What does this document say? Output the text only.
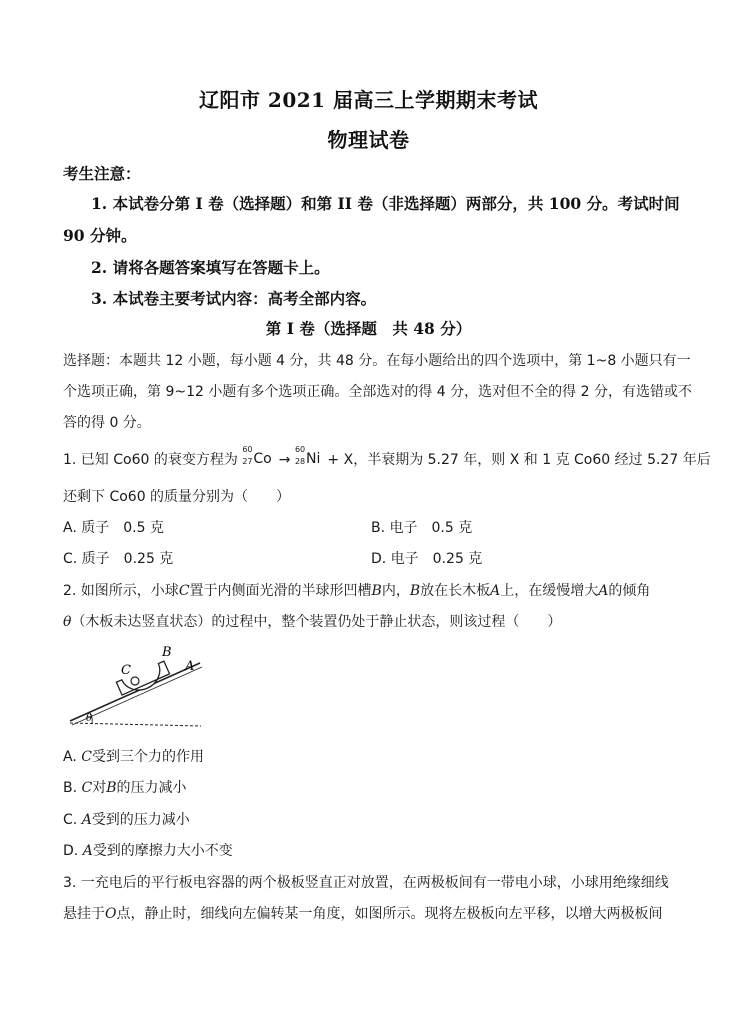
辽阳市 2021 届高三上学期期末考试
物理试卷
考生注意：
1. 本试卷分第 I 卷（选择题）和第 II 卷（非选择题）两部分，共 100 分。考试时间
90 分钟。
2. 请将各题答案填写在答题卡上。
3. 本试卷主要考试内容：高考全部内容。
第 I 卷（选择题　共 48 分）
选择题：本题共 12 小题，每小题 4 分，共 48 分。在每小题给出的四个选项中，第 1~8 小题只有一
个选项正确，第 9~12 小题有多个选项正确。全部选对的得 4 分，选对但不全的得 2 分，有选错或不
答的得 0 分。
1. 已知 Co60 的衰变方程为
60
27 Co →
60
28 Ni + X，半衰期为 5.27 年，则 X 和 1 克 Co60 经过 5.27 年后
还剩下 Co60 的质量分别为（　　）
A. 质子　0.5 克	B. 电子　0.5 克
C. 质子　0.25 克	D. 电子　0.25 克
2. 如图所示，小球C置于内侧面光滑的半球形凹槽B内，B放在长木板A上，在缓慢增大A的倾角
θ（木板未达竖直状态）的过程中，整个装置仍处于静止状态，则该过程（　　）
C
B
A
θ
A. C受到三个力的作用
B. C对B的压力减小
C. A受到的压力减小
D. A受到的摩擦力大小不变
3. 一充电后的平行板电容器的两个极板竖直正对放置，在两极板间有一带电小球，小球用绝缘细线
悬挂于O点，静止时，细线向左偏转某一角度，如图所示。现将左极板向左平移，以增大两极板间
